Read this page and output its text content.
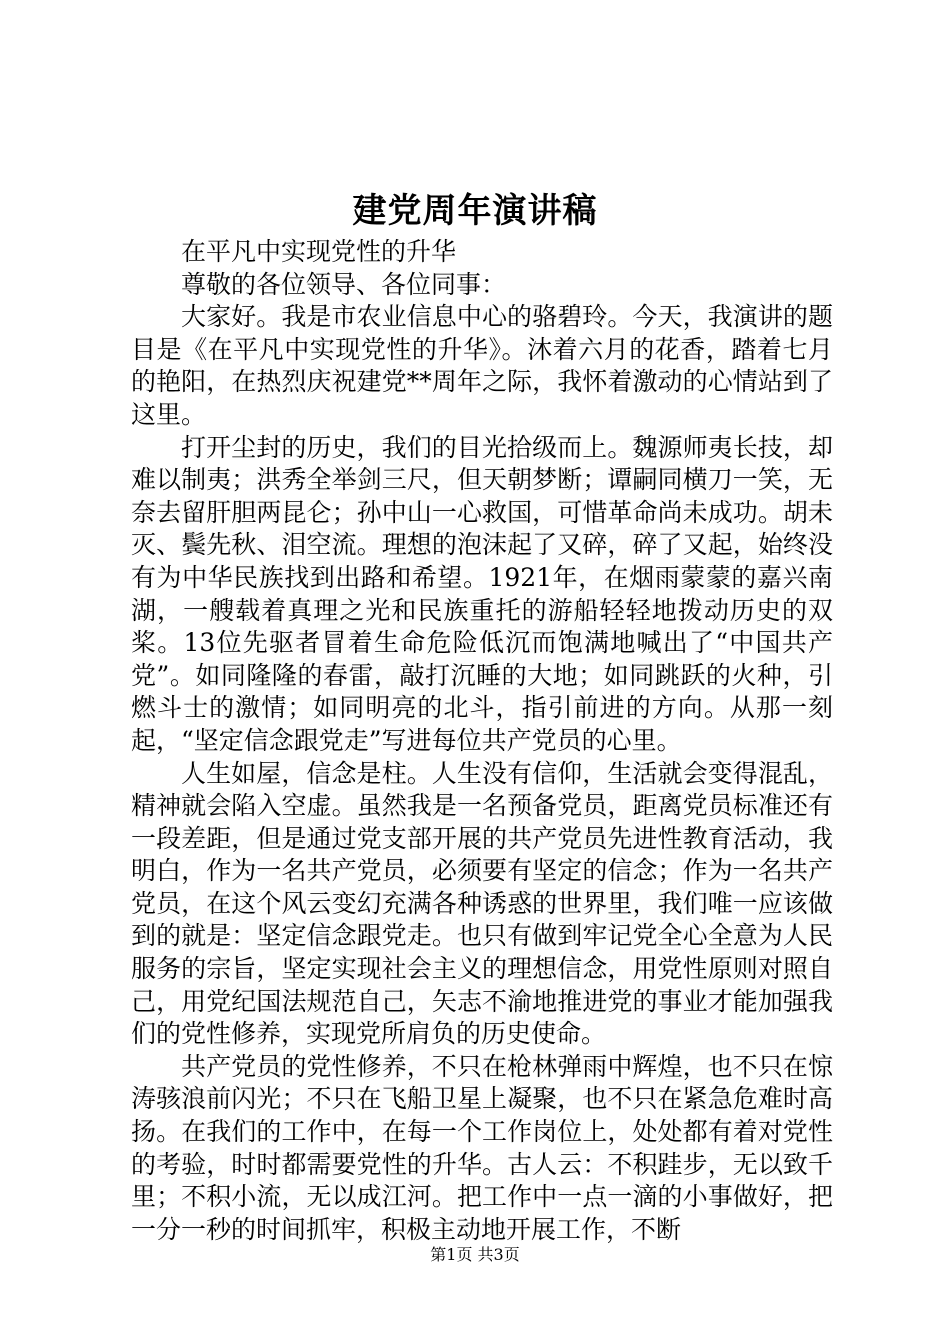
建党周年演讲稿

在平凡中实现党性的升华

尊敬的各位领导、各位同事：

大家好。我是市农业信息中心的骆碧玲。今天，我演讲的题目是《在平凡中实现党性的升华》。沐着六月的花香，踏着七月的艳阳，在热烈庆祝建党**周年之际，我怀着激动的心情站到了这里。

打开尘封的历史，我们的目光拾级而上。魏源师夷长技，却难以制夷；洪秀全举剑三尺，但天朝梦断；谭嗣同横刀一笑，无奈去留肝胆两昆仑；孙中山一心救国，可惜革命尚未成功。胡未灭、鬓先秋、泪空流。理想的泡沫起了又碎，碎了又起，始终没有为中华民族找到出路和希望。1921年，在烟雨蒙蒙的嘉兴南湖，一艘载着真理之光和民族重托的游船轻轻地拨动历史的双桨。13位先驱者冒着生命危险低沉而饱满地喊出了“中国共产党”。如同隆隆的春雷，敲打沉睡的大地；如同跳跃的火种，引燃斗士的激情；如同明亮的北斗，指引前进的方向。从那一刻起，“坚定信念跟党走”写进每位共产党员的心里。

人生如屋，信念是柱。人生没有信仰，生活就会变得混乱，精神就会陷入空虚。虽然我是一名预备党员，距离党员标准还有一段差距，但是通过党支部开展的共产党员先进性教育活动，我明白，作为一名共产党员，必须要有坚定的信念；作为一名共产党员，在这个风云变幻充满各种诱惑的世界里，我们唯一应该做到的就是：坚定信念跟党走。也只有做到牢记党全心全意为人民服务的宗旨，坚定实现社会主义的理想信念，用党性原则对照自己，用党纪国法规范自己，矢志不渝地推进党的事业才能加强我们的党性修养，实现党所肩负的历史使命。

共产党员的党性修养，不只在枪林弹雨中辉煌，也不只在惊涛骇浪前闪光；不只在飞船卫星上凝聚，也不只在紧急危难时高扬。在我们的工作中，在每一个工作岗位上，处处都有着对党性的考验，时时都需要党性的升华。古人云：不积跬步，无以致千里；不积小流，无以成江河。把工作中一点一滴的小事做好，把一分一秒的时间抓牢，积极主动地开展工作，不断

第1页 共3页
